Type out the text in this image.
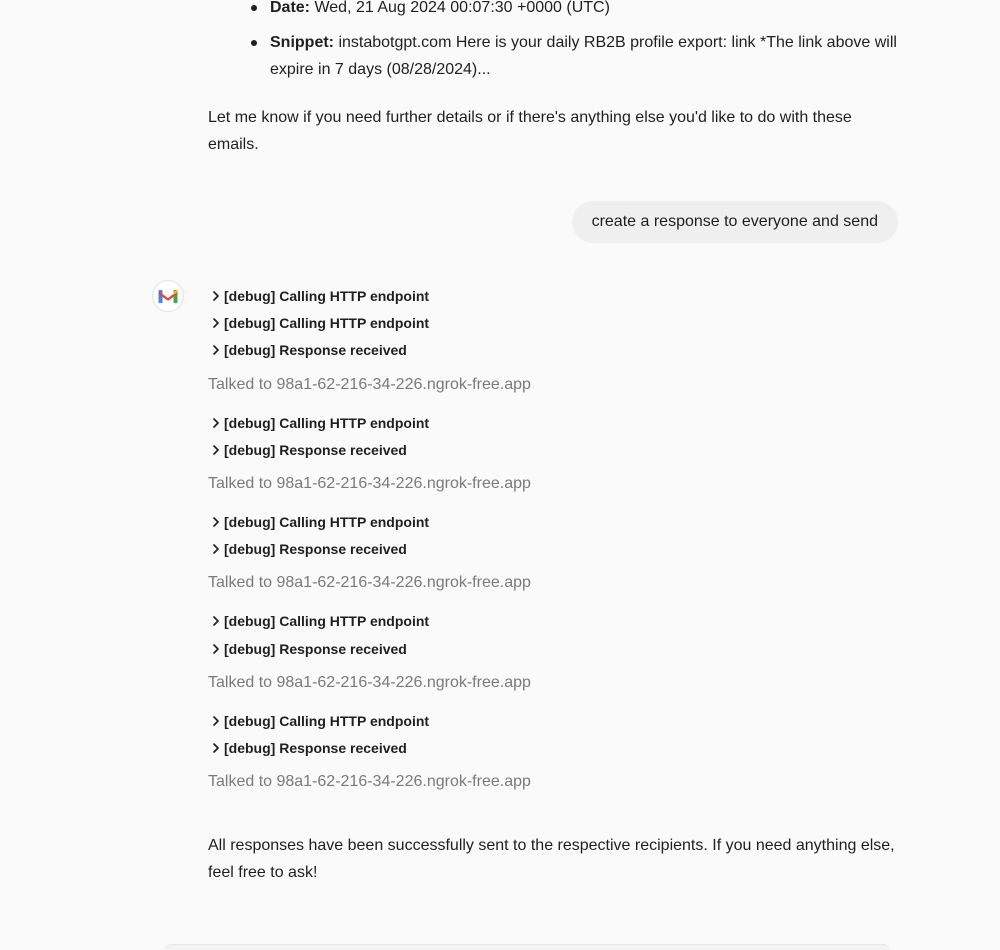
Date: Wed, 21 Aug 2024 00:07:30 +0000 (UTC)
Snippet: instabotgpt.com Here is your daily RB2B profile export: link *The link above will expire in 7 days (08/28/2024)...

Let me know if you need further details or if there's anything else you'd like to do with these emails.

create a response to everyone and send
[debug] Calling HTTP endpoint
[debug] Calling HTTP endpoint
[debug] Response received
Talked to 98a1-62-216-34-226.ngrok-free.app
[debug] Calling HTTP endpoint
[debug] Response received
Talked to 98a1-62-216-34-226.ngrok-free.app
[debug] Calling HTTP endpoint
[debug] Response received
Talked to 98a1-62-216-34-226.ngrok-free.app
[debug] Calling HTTP endpoint
[debug] Response received
Talked to 98a1-62-216-34-226.ngrok-free.app
[debug] Calling HTTP endpoint
[debug] Response received
Talked to 98a1-62-216-34-226.ngrok-free.app

All responses have been successfully sent to the respective recipients. If you need anything else, feel free to ask!
